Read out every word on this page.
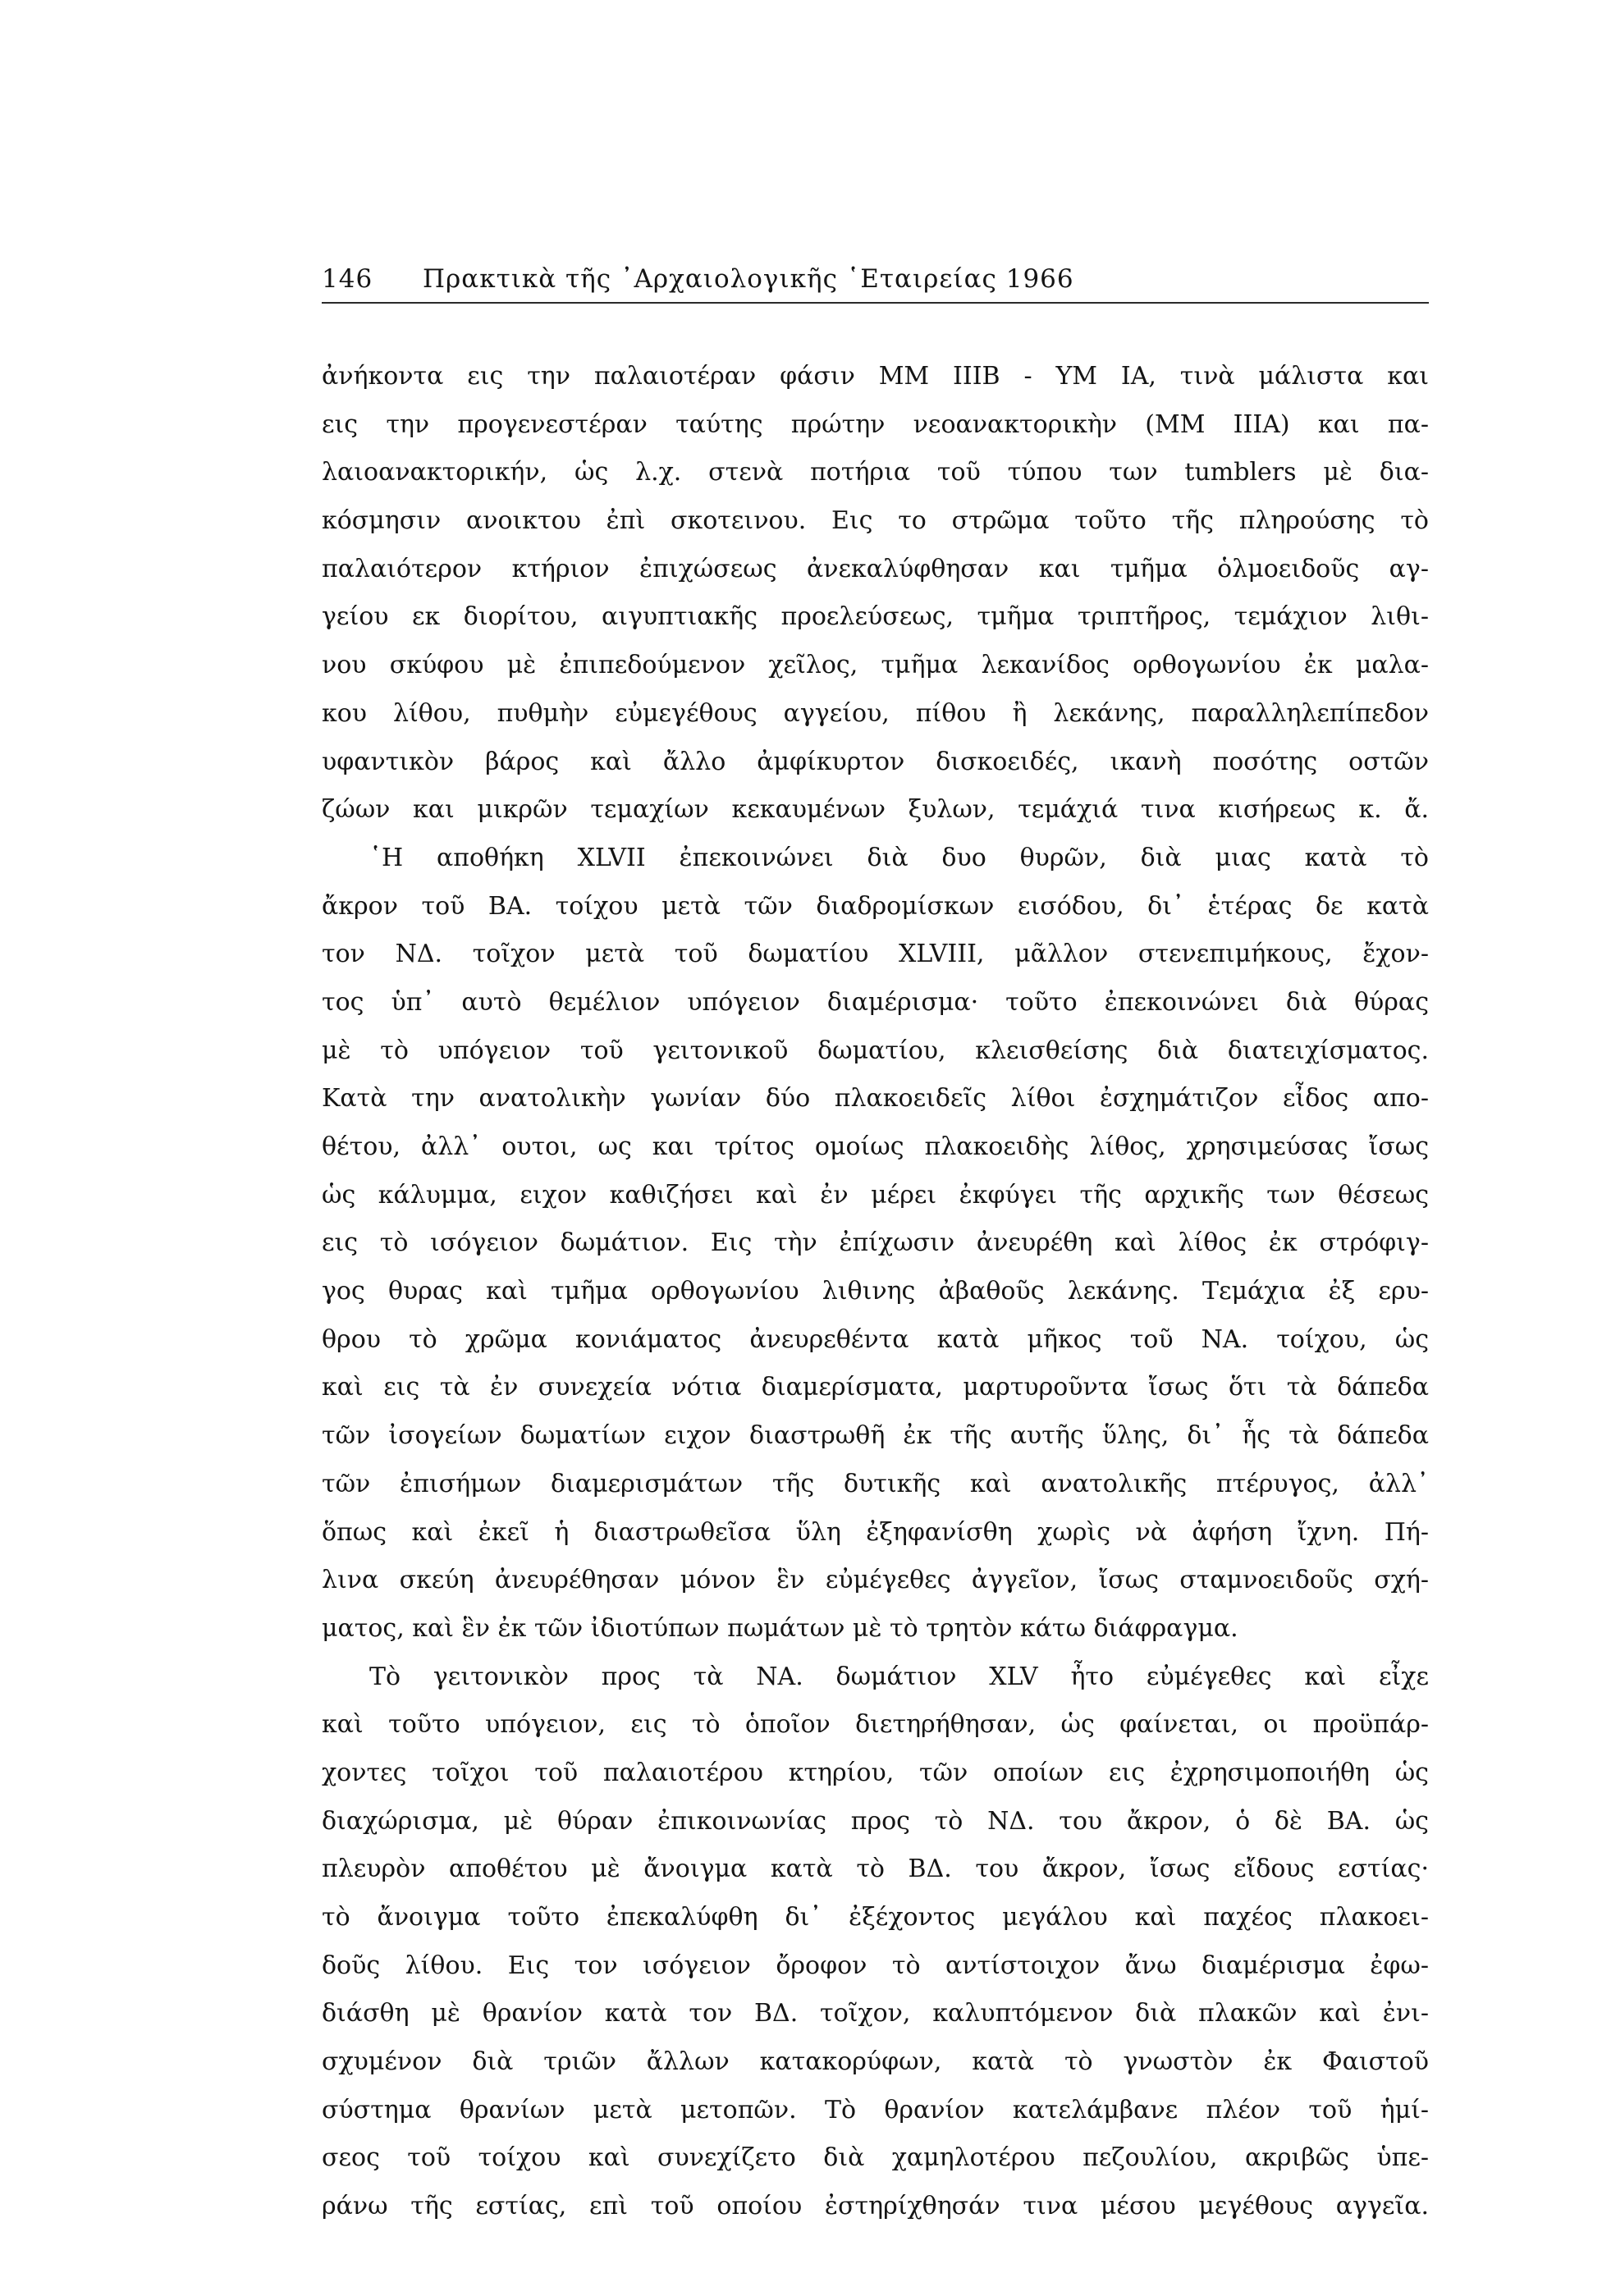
146 Πρακτικὰ τῆς ᾿Αρχαιολογικῆς ῾Εταιρείας 1966
ἀνήκοντα εις την παλαιοτέραν φάσιν ΜΜ ΙΙΙΒ - ΥΜ ΙΑ, τινὰ μάλιστα και
εις την προγενεστέραν ταύτης πρώτην νεοανακτορικὴν (ΜΜ ΙΙΙΑ) και πα-
λαιοανακτορικήν, ὡς λ.χ. στενὰ ποτήρια τοῦ τύπου των tumblers μὲ δια-
κόσμησιν ανοικτου ἐπὶ σκοτεινου. Εις το στρῶμα τοῦτο τῆς πληρούσης τὸ
παλαιότερον κτήριον ἐπιχώσεως ἀνεκαλύφθησαν και τμῆμα ὁλμοειδοῦς αγ-
γείου εκ διορίτου, αιγυπτιακῆς προελεύσεως, τμῆμα τριπτῆρος, τεμάχιον λιθι-
νου σκύφου μὲ ἐπιπεδούμενον χεῖλος, τμῆμα λεκανίδος ορθογωνίου ἐκ μαλα-
κου λίθου, πυθμὴν εὐμεγέθους αγγείου, πίθου ἢ λεκάνης, παραλληλεπίπεδον
υφαντικὸν βάρος καὶ ἄλλο ἀμφίκυρτον δισκοειδές, ικανὴ ποσότης οστῶν
ζώων και μικρῶν τεμαχίων κεκαυμένων ξυλων, τεμάχιά τινα κισήρεως κ. ἄ.
῾Η αποθήκη XLVII ἐπεκοινώνει διὰ δυο θυρῶν, διὰ μιας κατὰ τὸ
ἄκρον τοῦ ΒΑ. τοίχου μετὰ τῶν διαδρομίσκων εισόδου, δι᾿ ἑτέρας δε κατὰ
τον ΝΔ. τοῖχον μετὰ τοῦ δωματίου XLVIII, μᾶλλον στενεπιμήκους, ἔχον-
τος ὑπ᾿ αυτὸ θεμέλιον υπόγειον διαμέρισμα· τοῦτο ἐπεκοινώνει διὰ θύρας
μὲ τὸ υπόγειον τοῦ γειτονικοῦ δωματίου, κλεισθείσης διὰ διατειχίσματος.
Κατὰ την ανατολικὴν γωνίαν δύο πλακοειδεῖς λίθοι ἐσχημάτιζον εἶδος απο-
θέτου, ἀλλ᾿ ουτοι, ως και τρίτος ομοίως πλακοειδὴς λίθος, χρησιμεύσας ἴσως
ὡς κάλυμμα, ειχον καθιζήσει καὶ ἐν μέρει ἐκφύγει τῆς αρχικῆς των θέσεως
εις τὸ ισόγειον δωμάτιον. Εις τὴν ἐπίχωσιν ἀνευρέθη καὶ λίθος ἐκ στρόφιγ-
γος θυρας καὶ τμῆμα ορθογωνίου λιθινης ἀβαθοῦς λεκάνης. Τεμάχια ἐξ ερυ-
θρου τὸ χρῶμα κονιάματος ἀνευρεθέντα κατὰ μῆκος τοῦ ΝΑ. τοίχου, ὡς
καὶ εις τὰ ἐν συνεχεία νότια διαμερίσματα, μαρτυροῦντα ἴσως ὅτι τὰ δάπεδα
τῶν ἰσογείων δωματίων ειχον διαστρωθῆ ἐκ τῆς αυτῆς ὕλης, δι᾿ ἧς τὰ δάπεδα
τῶν ἐπισήμων διαμερισμάτων τῆς δυτικῆς καὶ ανατολικῆς πτέρυγος, ἀλλ᾿
ὅπως καὶ ἐκεῖ ἡ διαστρωθεῖσα ὕλη ἐξηφανίσθη χωρὶς νὰ ἀφήση ἴχνη. Πή-
λινα σκεύη ἀνευρέθησαν μόνον ἓν εὐμέγεθες ἀγγεῖον, ἴσως σταμνοειδοῦς σχή-
ματος, καὶ ἓν ἐκ τῶν ἰδιοτύπων πωμάτων μὲ τὸ τρητὸν κάτω διάφραγμα.
Τὸ γειτονικὸν προς τὰ ΝΑ. δωμάτιον XLV ἦτο εὐμέγεθες καὶ εἶχε
καὶ τοῦτο υπόγειον, εις τὸ ὁποῖον διετηρήθησαν, ὡς φαίνεται, οι προϋπάρ-
χοντες τοῖχοι τοῦ παλαιοτέρου κτηρίου, τῶν οποίων εις ἐχρησιμοποιήθη ὡς
διαχώρισμα, μὲ θύραν ἐπικοινωνίας προς τὸ ΝΔ. του ἄκρον, ὁ δὲ ΒΑ. ὡς
πλευρὸν αποθέτου μὲ ἄνοιγμα κατὰ τὸ ΒΔ. του ἄκρον, ἴσως εἴδους εστίας·
τὸ ἄνοιγμα τοῦτο ἐπεκαλύφθη δι᾿ ἐξέχοντος μεγάλου καὶ παχέος πλακοει-
δοῦς λίθου. Εις τον ισόγειον ὄροφον τὸ αντίστοιχον ἄνω διαμέρισμα ἐφω-
διάσθη μὲ θρανίον κατὰ τον ΒΔ. τοῖχον, καλυπτόμενον διὰ πλακῶν καὶ ἐνι-
σχυμένον διὰ τριῶν ἄλλων κατακορύφων, κατὰ τὸ γνωστὸν ἐκ Φαιστοῦ
σύστημα θρανίων μετὰ μετοπῶν. Τὸ θρανίον κατελάμβανε πλέον τοῦ ἡμί-
σεος τοῦ τοίχου καὶ συνεχίζετο διὰ χαμηλοτέρου πεζουλίου, ακριβῶς ὑπε-
ράνω τῆς εστίας, επὶ τοῦ οποίου ἐστηρίχθησάν τινα μέσου μεγέθους αγγεῖα.
